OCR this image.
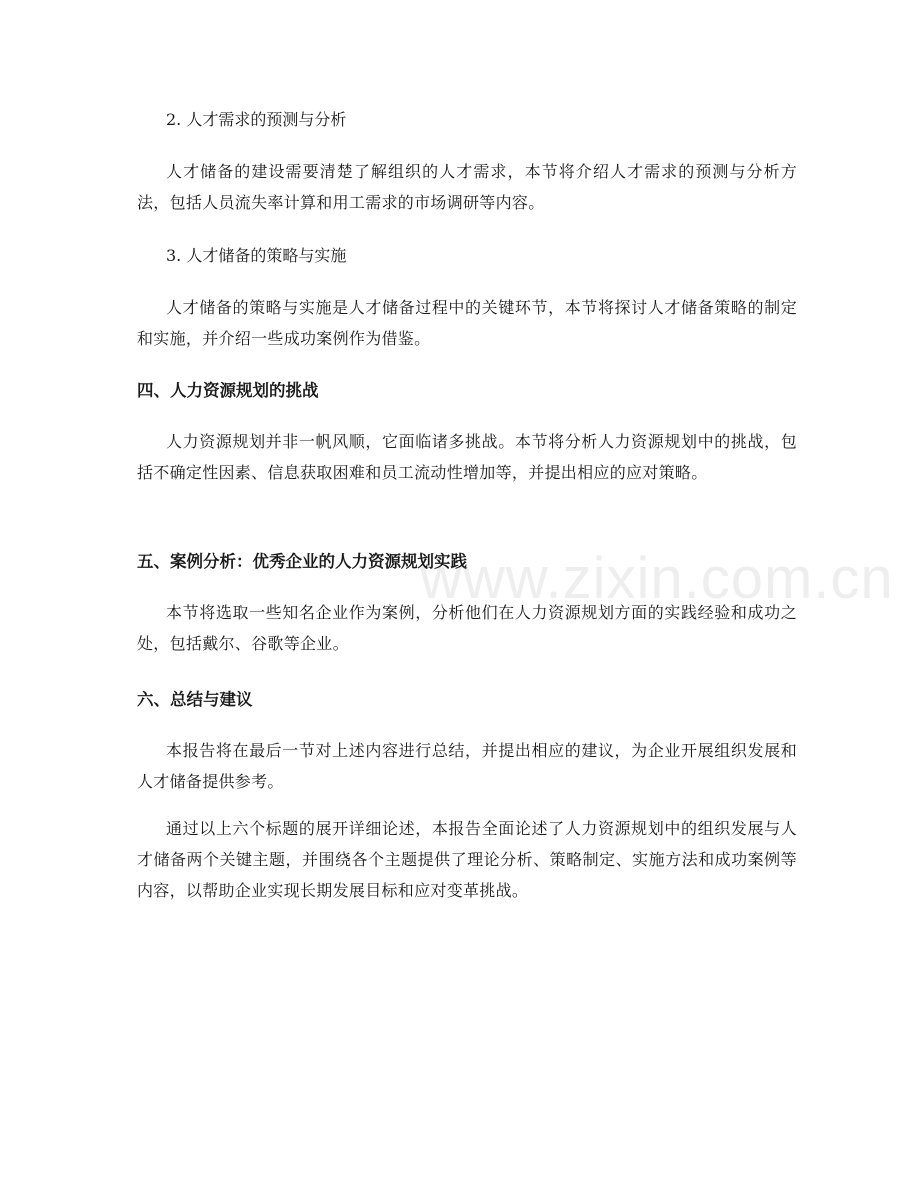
2. 人才需求的预测与分析
人才储备的建设需要清楚了解组织的人才需求，本节将介绍人才需求的预测与分析方法，包括人员流失率计算和用工需求的市场调研等内容。
3. 人才储备的策略与实施
人才储备的策略与实施是人才储备过程中的关键环节，本节将探讨人才储备策略的制定和实施，并介绍一些成功案例作为借鉴。
四、人力资源规划的挑战
人力资源规划并非一帆风顺，它面临诸多挑战。本节将分析人力资源规划中的挑战，包括不确定性因素、信息获取困难和员工流动性增加等，并提出相应的应对策略。
五、案例分析：优秀企业的人力资源规划实践
本节将选取一些知名企业作为案例，分析他们在人力资源规划方面的实践经验和成功之处，包括戴尔、谷歌等企业。
六、总结与建议
本报告将在最后一节对上述内容进行总结，并提出相应的建议，为企业开展组织发展和人才储备提供参考。
通过以上六个标题的展开详细论述，本报告全面论述了人力资源规划中的组织发展与人才储备两个关键主题，并围绕各个主题提供了理论分析、策略制定、实施方法和成功案例等内容，以帮助企业实现长期发展目标和应对变革挑战。
www.zixin.com.cn
